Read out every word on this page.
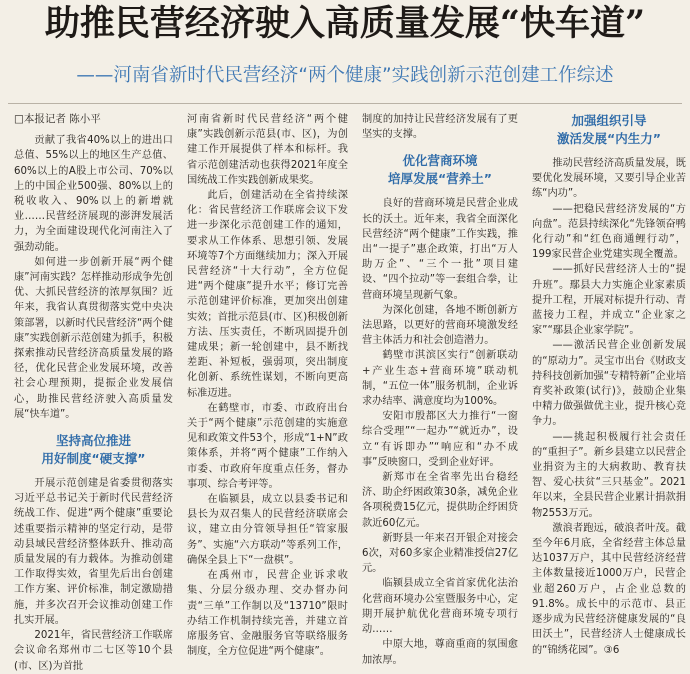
助推民营经济驶入高质量发展“快车道”
——河南省新时代民营经济“两个健康”实践创新示范创建工作综述
□本报记者 陈小平

贡献了我省40%以上的进出口总值、55%以上的地区生产总值、60%以上的A股上市公司、70%以上的中国企业500强、80%以上的税收收入、90%以上的新增就业……民营经济展现的澎湃发展活力，为全面建设现代化河南注入了强劲动能。

如何进一步创新开展“两个健康”河南实践？怎样推动形成争先创优、大抓民营经济的浓厚氛围？近年来，我省认真贯彻落实党中央决策部署，以新时代民营经济“两个健康”实践创新示范创建为抓手，积极探索推动民营经济高质量发展的路径，优化民营企业发展环境，改善社会心理预期，提振企业发展信心，助推民营经济驶入高质量发展“快车道”。

坚持高位推进
用好制度“硬支撑”

开展示范创建是省委贯彻落实习近平总书记关于新时代民营经济统战工作、促进“两个健康”重要论述重要指示精神的坚定行动，是带动县域民营经济整体跃升、推动高质量发展的有力载体。为推动创建工作取得实效，省里先后出台创建工作方案、评价标准，制定激励措施，并多次召开会议推动创建工作扎实开展。

2021年，省民营经济工作联席会议命名郑州市二七区等10个县(市、区)为首批

河南省新时代民营经济“两个健康”实践创新示范县(市、区)，为创建工作开展提供了样本和标杆。我省示范创建活动也获得2021年度全国统战工作实践创新成果奖。

此后，创建活动在全省持续深化：省民营经济工作联席会议下发进一步深化示范创建工作的通知，要求从工作体系、思想引领、发展环境等7个方面继续加力；深入开展民营经济“十大行动”，全方位促进“两个健康”提升水平；修订完善示范创建评价标准，更加突出创建实效；首批示范县(市、区)积极创新方法、压实责任，不断巩固提升创建成果；新一轮创建中，县不断找差距、补短板，强弱项，突出制度化创新、系统性谋划，不断向更高标准迈进。

在鹤壁市，市委、市政府出台关于“两个健康”示范创建的实施意见和政策文件53个，形成“1+N”政策体系，并将“两个健康”工作纳入市委、市政府年度重点任务，督办事项、综合考评等。

在临颍县，成立以县委书记和县长为双召集人的民营经济联席会议，建立由分管领导担任“管家服务”、实施“六方联动”等系列工作，确保全县上下“一盘棋”。

在禹州市，民营企业诉求收集、分层分级办理、交办督办问责“三单”工作制以及“13710”限时办结工作机制持续完善，并建立首席服务官、金融服务官等联络服务制度，全方位促进“两个健康”。

制度的加持让民营经济发展有了更坚实的支撑。

优化营商环境
培厚发展“营养土”

良好的营商环境是民营企业成长的沃土。近年来，我省全面深化民营经济“两个健康”工作实践，推出“一提子”惠企政策，打出“万人助万企”、“三个一批”项目建设、“四个拉动”等一套组合拳，让营商环境呈现新气象。

为深化创建，各地不断创新方法思路，以更好的营商环境激发经营主体活力和社会创造潜力。

鹤壁市淇滨区实行“创新联动+产业生态+营商环境”联动机制，“五位一体”服务机制，企业诉求办结率、满意度均为100%。

安阳市殷都区大力推行“一窗综合受理”“一起办”“就近办”，设立“有诉即办”“响应和“办不成事”反映窗口，受到企业好评。

新郑市在全省率先出台稳经济、助企纾困政策30条，减免企业各项税费15亿元，提供助企纾困贷款近60亿元。

新野县一年来召开银企对接会6次，对60多家企业精准授信27亿元。

临颍县成立全省首家优化法治化营商环境办公室暨服务中心，定期开展护航优化营商环境专项行动……

中原大地，尊商重商的氛围愈加浓厚。

加强组织引导
激活发展“内生力”

推动民营经济高质量发展，既要优化发展环境，又要引导企业苦练“内功”。

——把稳民营经济发展的“方向盘”。范县持续深化“先锋领奋鸭化行动”和“红色商通鲤行动”，199家民营企业党建实现全覆盖。

——抓好民营经济人士的“提升班”。鄢县大力实施企业家素质提升工程，开展对标提升行动、青蓝接力工程，并成立“企业家之家”“鄢县企业家学院”。

——激活民营企业创新发展的“原动力”。灵宝市出台《财政支持科技创新加强“专精特新”企业培育奖补政策(试行)》，鼓励企业集中精力做强做优主业，提升核心竞争力。

——挑起积极履行社会责任的“重担子”。新乡县建立以民营企业捐资为主的大病救助、教育扶智、爱心扶贫“三只基金”。2021年以来，全县民营企业累计捐款捐物2553万元。

激浪者跑远，破浪者叶茂。截至今年6月底，全省经营主体总量达1037万户，其中民营经济经营主体数量接近1000万户，民营企业超260万户，占企业总数的91.8%。成长中的示范市、县正逐步成为民营经济健康发展的“良田沃土”，民营经济人士健康成长的“锦绣花园”。③6
